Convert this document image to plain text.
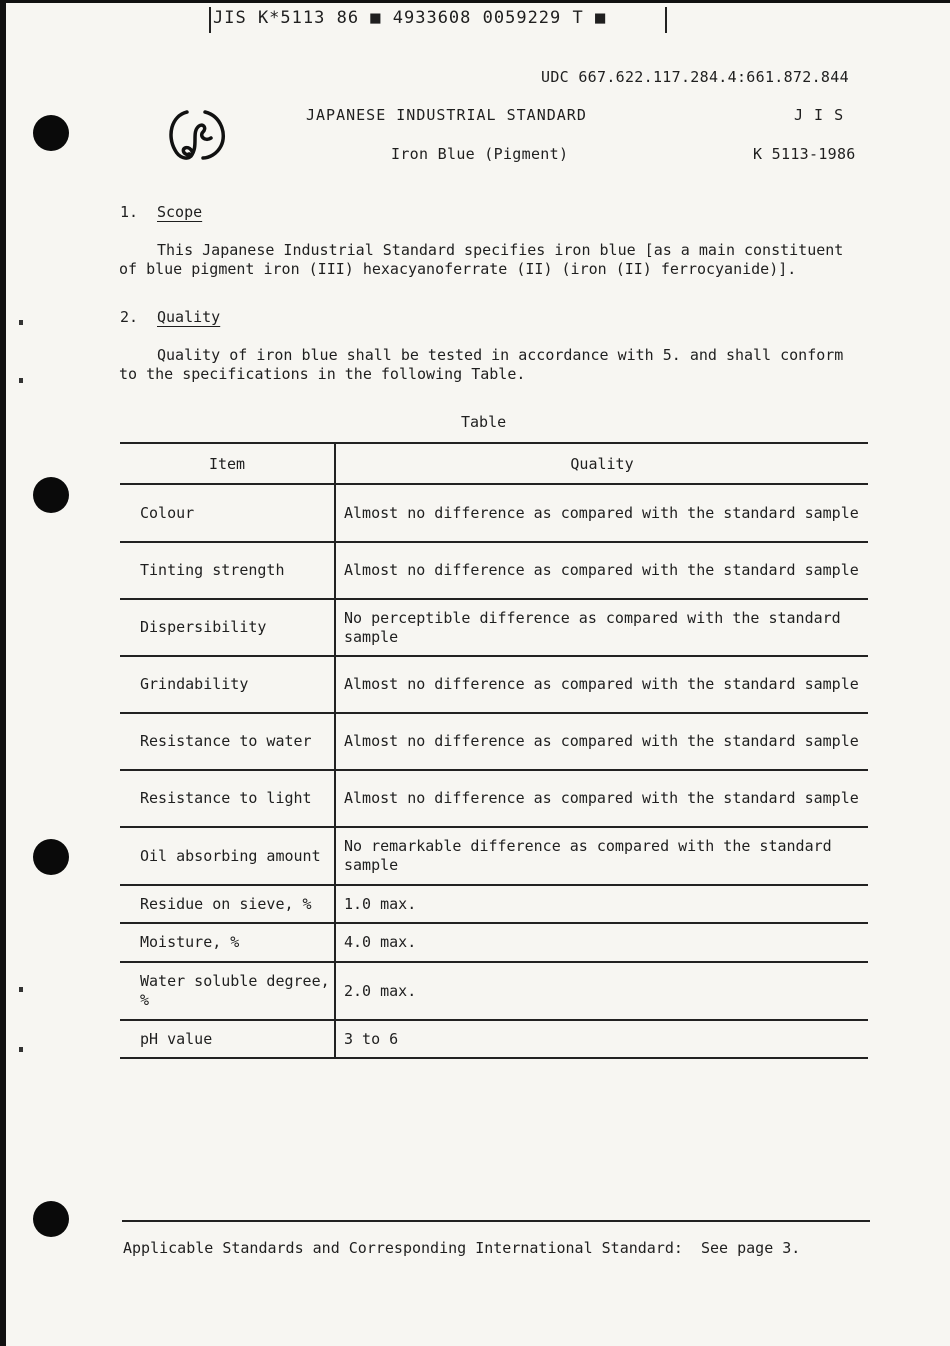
JIS K*5113 86 ■ 4933608 0059229 T ■
UDC 667.622.117.284.4:661.872.844
JAPANESE INDUSTRIAL STANDARD	J I S
Iron Blue (Pigment)	K 5113-1986
1. Scope
This Japanese Industrial Standard specifies iron blue [as a main constituent of blue pigment iron (III) hexacyanoferrate (II) (iron (II) ferrocyanide)].
2. Quality
Quality of iron blue shall be tested in accordance with 5. and shall conform to the specifications in the following Table.
Table
Item	Quality
Colour	Almost no difference as compared with the standard sample
Tinting strength	Almost no difference as compared with the standard sample
Dispersibility	No perceptible difference as compared with the standard sample
Grindability	Almost no difference as compared with the standard sample
Resistance to water	Almost no difference as compared with the standard sample
Resistance to light	Almost no difference as compared with the standard sample
Oil absorbing amount	No remarkable difference as compared with the standard sample
Residue on sieve, %	1.0 max.
Moisture, %	4.0 max.
Water soluble degree, %	2.0 max.
pH value	3 to 6
Applicable Standards and Corresponding International Standard: See page 3.
